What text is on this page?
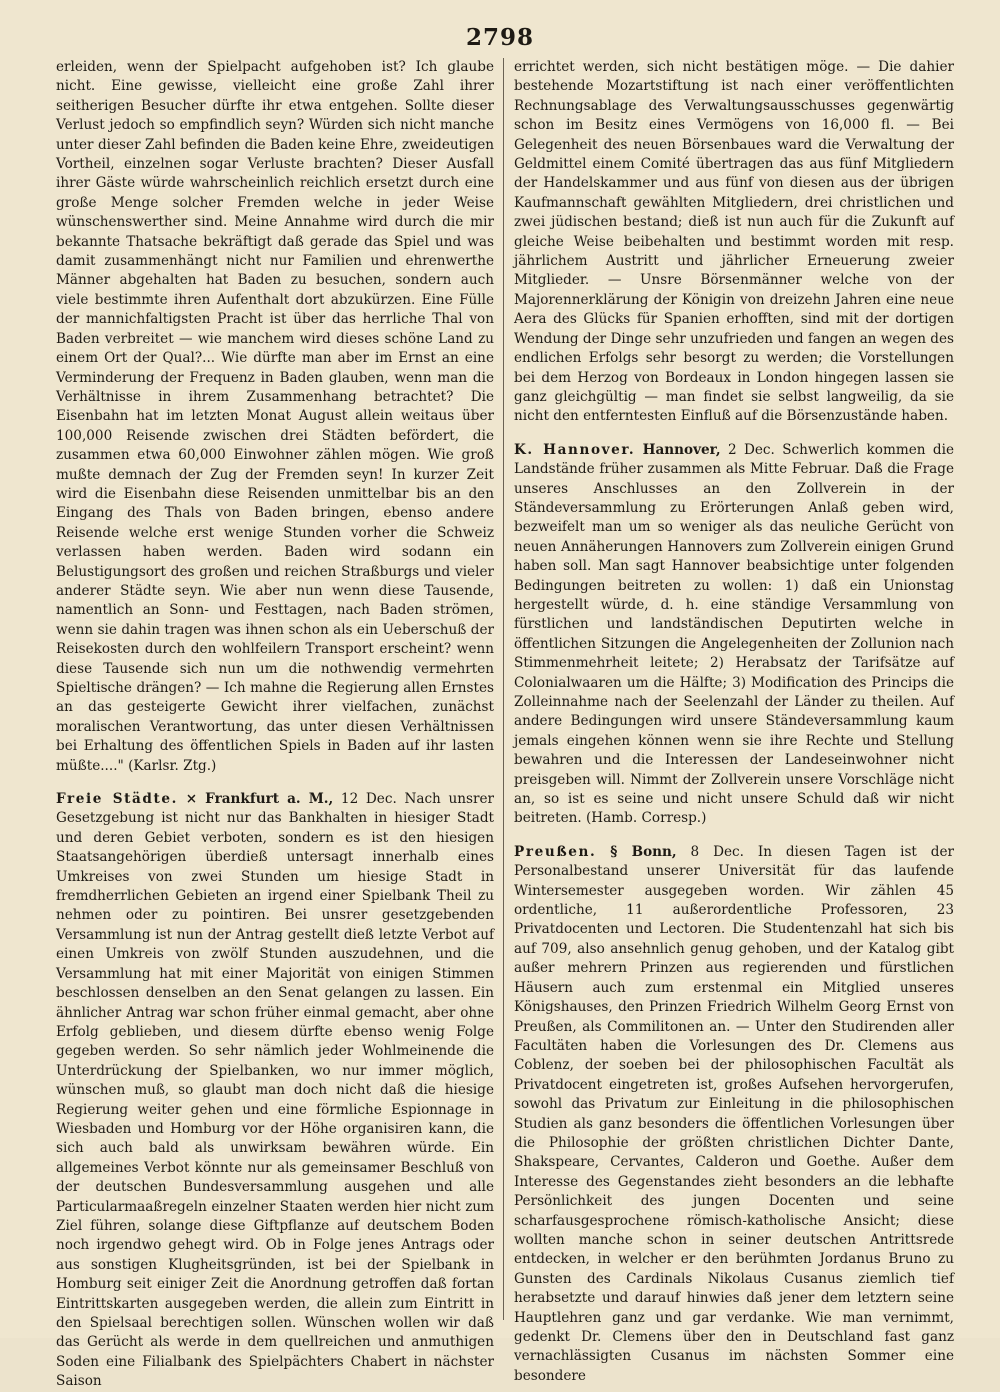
2798

erleiden, wenn der Spielpacht aufgehoben ist? Ich glaube nicht. Eine gewisse, vielleicht eine große Zahl ihrer seitherigen Besucher dürfte ihr etwa entgehen. Sollte dieser Verlust jedoch so empfindlich seyn? Würden sich nicht manche unter dieser Zahl befinden die Baden keine Ehre, zweideutigen Vortheil, einzelnen sogar Verluste brachten? Dieser Ausfall ihrer Gäste würde wahrscheinlich reichlich ersetzt durch eine große Menge solcher Fremden welche in jeder Weise wünschenswerther sind. Meine Annahme wird durch die mir bekannte Thatsache bekräftigt daß gerade das Spiel und was damit zusammenhängt nicht nur Familien und ehrenwerthe Männer abgehalten hat Baden zu besuchen, sondern auch viele bestimmte ihren Aufenthalt dort abzukürzen. Eine Fülle der mannichfaltigsten Pracht ist über das herrliche Thal von Baden verbreitet — wie manchem wird dieses schöne Land zu einem Ort der Qual?... Wie dürfte man aber im Ernst an eine Verminderung der Frequenz in Baden glauben, wenn man die Verhältnisse in ihrem Zusammenhang betrachtet? Die Eisenbahn hat im letzten Monat August allein weitaus über 100,000 Reisende zwischen drei Städten befördert, die zusammen etwa 60,000 Einwohner zählen mögen. Wie groß mußte demnach der Zug der Fremden seyn! In kurzer Zeit wird die Eisenbahn diese Reisenden unmittelbar bis an den Eingang des Thals von Baden bringen, ebenso andere Reisende welche erst wenige Stunden vorher die Schweiz verlassen haben werden. Baden wird sodann ein Belustigungsort des großen und reichen Straßburgs und vieler anderer Städte seyn. Wie aber nun wenn diese Tausende, namentlich an Sonn- und Festtagen, nach Baden strömen, wenn sie dahin tragen was ihnen schon als ein Ueberschuß der Reisekosten durch den wohlfeilern Transport erscheint? wenn diese Tausende sich nun um die nothwendig vermehrten Spieltische drängen? — Ich mahne die Regierung allen Ernstes an das gesteigerte Gewicht ihrer vielfachen, zunächst moralischen Verantwortung, das unter diesen Verhältnissen bei Erhaltung des öffentlichen Spiels in Baden auf ihr lasten müßte...." (Karlsr. Ztg.)

Freie Städte. × Frankfurt a. M., 12 Dec. Nach unsrer Gesetzgebung ist nicht nur das Bankhalten in hiesiger Stadt und deren Gebiet verboten, sondern es ist den hiesigen Staatsangehörigen überdieß untersagt innerhalb eines Umkreises von zwei Stunden um hiesige Stadt in fremdherrlichen Gebieten an irgend einer Spielbank Theil zu nehmen oder zu pointiren. Bei unsrer gesetzgebenden Versammlung ist nun der Antrag gestellt dieß letzte Verbot auf einen Umkreis von zwölf Stunden auszudehnen, und die Versammlung hat mit einer Majorität von einigen Stimmen beschlossen denselben an den Senat gelangen zu lassen. Ein ähnlicher Antrag war schon früher einmal gemacht, aber ohne Erfolg geblieben, und diesem dürfte ebenso wenig Folge gegeben werden. So sehr nämlich jeder Wohlmeinende die Unterdrückung der Spielbanken, wo nur immer möglich, wünschen muß, so glaubt man doch nicht daß die hiesige Regierung weiter gehen und eine förmliche Espionnage in Wiesbaden und Homburg vor der Höhe organisiren kann, die sich auch bald als unwirksam bewähren würde. Ein allgemeines Verbot könnte nur als gemeinsamer Beschluß von der deutschen Bundesversammlung ausgehen und alle Particularmaaßregeln einzelner Staaten werden hier nicht zum Ziel führen, solange diese Giftpflanze auf deutschem Boden noch irgendwo gehegt wird. Ob in Folge jenes Antrags oder aus sonstigen Klugheitsgründen, ist bei der Spielbank in Homburg seit einiger Zeit die Anordnung getroffen daß fortan Eintrittskarten ausgegeben werden, die allein zum Eintritt in den Spielsaal berechtigen sollen. Wünschen wollen wir daß das Gerücht als werde in dem quellreichen und anmuthigen Soden eine Filialbank des Spielpächters Chabert in nächster Saison

errichtet werden, sich nicht bestätigen möge. — Die dahier bestehende Mozartstiftung ist nach einer veröffentlichten Rechnungsablage des Verwaltungsausschusses gegenwärtig schon im Besitz eines Vermögens von 16,000 fl. — Bei Gelegenheit des neuen Börsenbaues ward die Verwaltung der Geldmittel einem Comité übertragen das aus fünf Mitgliedern der Handelskammer und aus fünf von diesen aus der übrigen Kaufmannschaft gewählten Mitgliedern, drei christlichen und zwei jüdischen bestand; dieß ist nun auch für die Zukunft auf gleiche Weise beibehalten und bestimmt worden mit resp. jährlichem Austritt und jährlicher Erneuerung zweier Mitglieder. — Unsre Börsenmänner welche von der Majorennerklärung der Königin von dreizehn Jahren eine neue Aera des Glücks für Spanien erhofften, sind mit der dortigen Wendung der Dinge sehr unzufrieden und fangen an wegen des endlichen Erfolgs sehr besorgt zu werden; die Vorstellungen bei dem Herzog von Bordeaux in London hingegen lassen sie ganz gleichgültig — man findet sie selbst langweilig, da sie nicht den entferntesten Einfluß auf die Börsenzustände haben.

K. Hannover. Hannover, 2 Dec. Schwerlich kommen die Landstände früher zusammen als Mitte Februar. Daß die Frage unseres Anschlusses an den Zollverein in der Ständeversammlung zu Erörterungen Anlaß geben wird, bezweifelt man um so weniger als das neuliche Gerücht von neuen Annäherungen Hannovers zum Zollverein einigen Grund haben soll. Man sagt Hannover beabsichtige unter folgenden Bedingungen beitreten zu wollen: 1) daß ein Unionstag hergestellt würde, d. h. eine ständige Versammlung von fürstlichen und landständischen Deputirten welche in öffentlichen Sitzungen die Angelegenheiten der Zollunion nach Stimmenmehrheit leitete; 2) Herabsatz der Tarifsätze auf Colonialwaaren um die Hälfte; 3) Modification des Princips die Zolleinnahme nach der Seelenzahl der Länder zu theilen. Auf andere Bedingungen wird unsere Ständeversammlung kaum jemals eingehen können wenn sie ihre Rechte und Stellung bewahren und die Interessen der Landeseinwohner nicht preisgeben will. Nimmt der Zollverein unsere Vorschläge nicht an, so ist es seine und nicht unsere Schuld daß wir nicht beitreten. (Hamb. Corresp.)

Preußen. § Bonn, 8 Dec. In diesen Tagen ist der Personalbestand unserer Universität für das laufende Wintersemester ausgegeben worden. Wir zählen 45 ordentliche, 11 außerordentliche Professoren, 23 Privatdocenten und Lectoren. Die Studentenzahl hat sich bis auf 709, also ansehnlich genug gehoben, und der Katalog gibt außer mehrern Prinzen aus regierenden und fürstlichen Häusern auch zum erstenmal ein Mitglied unseres Königshauses, den Prinzen Friedrich Wilhelm Georg Ernst von Preußen, als Commilitonen an. — Unter den Studirenden aller Facultäten haben die Vorlesungen des Dr. Clemens aus Coblenz, der soeben bei der philosophischen Facultät als Privatdocent eingetreten ist, großes Aufsehen hervorgerufen, sowohl das Privatum zur Einleitung in die philosophischen Studien als ganz besonders die öffentlichen Vorlesungen über die Philosophie der größten christlichen Dichter Dante, Shakspeare, Cervantes, Calderon und Goethe. Außer dem Interesse des Gegenstandes zieht besonders an die lebhafte Persönlichkeit des jungen Docenten und seine scharfausgesprochene römisch-katholische Ansicht; diese wollten manche schon in seiner deutschen Antrittsrede entdecken, in welcher er den berühmten Jordanus Bruno zu Gunsten des Cardinals Nikolaus Cusanus ziemlich tief herabsetzte und darauf hinwies daß jener dem letztern seine Hauptlehren ganz und gar verdanke. Wie man vernimmt, gedenkt Dr. Clemens über den in Deutschland fast ganz vernachlässigten Cusanus im nächsten Sommer eine besondere
